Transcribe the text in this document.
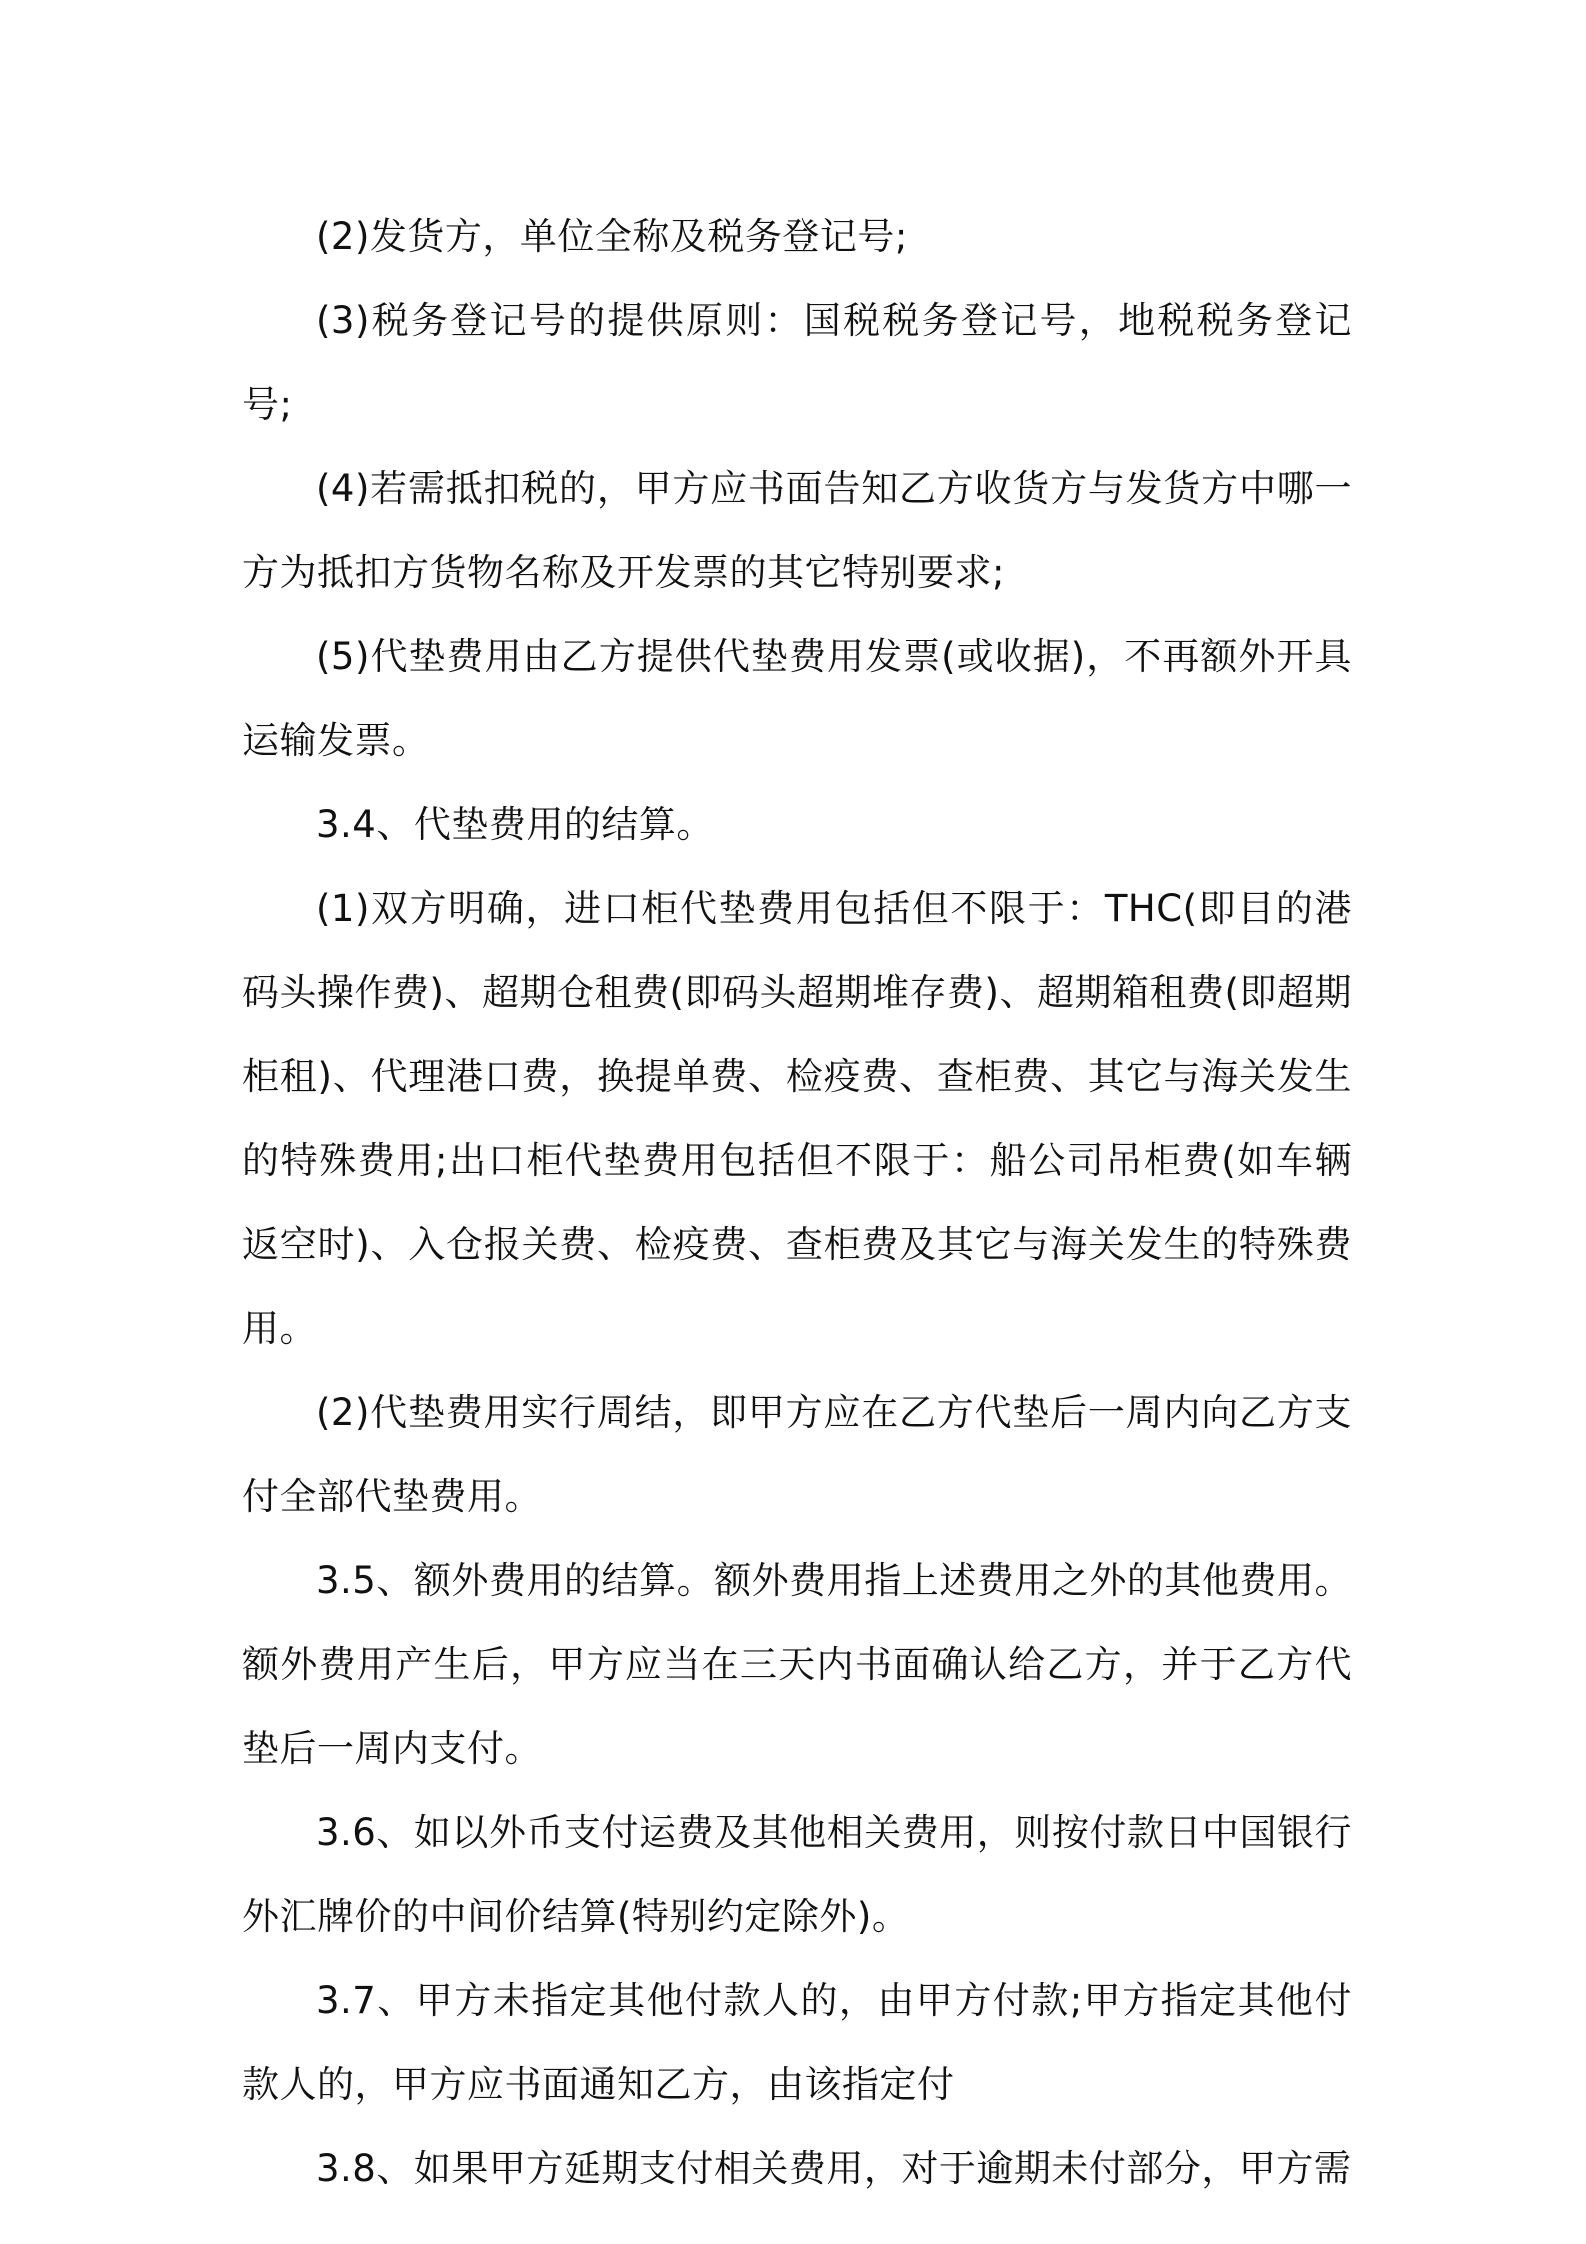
(2)发货方，单位全称及税务登记号;

(3)税务登记号的提供原则：国税税务登记号，地税税务登记号;

(4)若需抵扣税的，甲方应书面告知乙方收货方与发货方中哪一方为抵扣方货物名称及开发票的其它特别要求;

(5)代垫费用由乙方提供代垫费用发票(或收据)，不再额外开具运输发票。

3.4、代垫费用的结算。

(1)双方明确，进口柜代垫费用包括但不限于：THC(即目的港码头操作费)、超期仓租费(即码头超期堆存费)、超期箱租费(即超期柜租)、代理港口费，换提单费、检疫费、查柜费、其它与海关发生的特殊费用;出口柜代垫费用包括但不限于：船公司吊柜费(如车辆返空时)、入仓报关费、检疫费、查柜费及其它与海关发生的特殊费用。

(2)代垫费用实行周结，即甲方应在乙方代垫后一周内向乙方支付全部代垫费用。

3.5、额外费用的结算。额外费用指上述费用之外的其他费用。额外费用产生后，甲方应当在三天内书面确认给乙方，并于乙方代垫后一周内支付。

3.6、如以外币支付运费及其他相关费用，则按付款日中国银行外汇牌价的中间价结算(特别约定除外)。

3.7、甲方未指定其他付款人的，由甲方付款;甲方指定其他付款人的，甲方应书面通知乙方，由该指定付

3.8、如果甲方延期支付相关费用，对于逾期未付部分，甲方需
